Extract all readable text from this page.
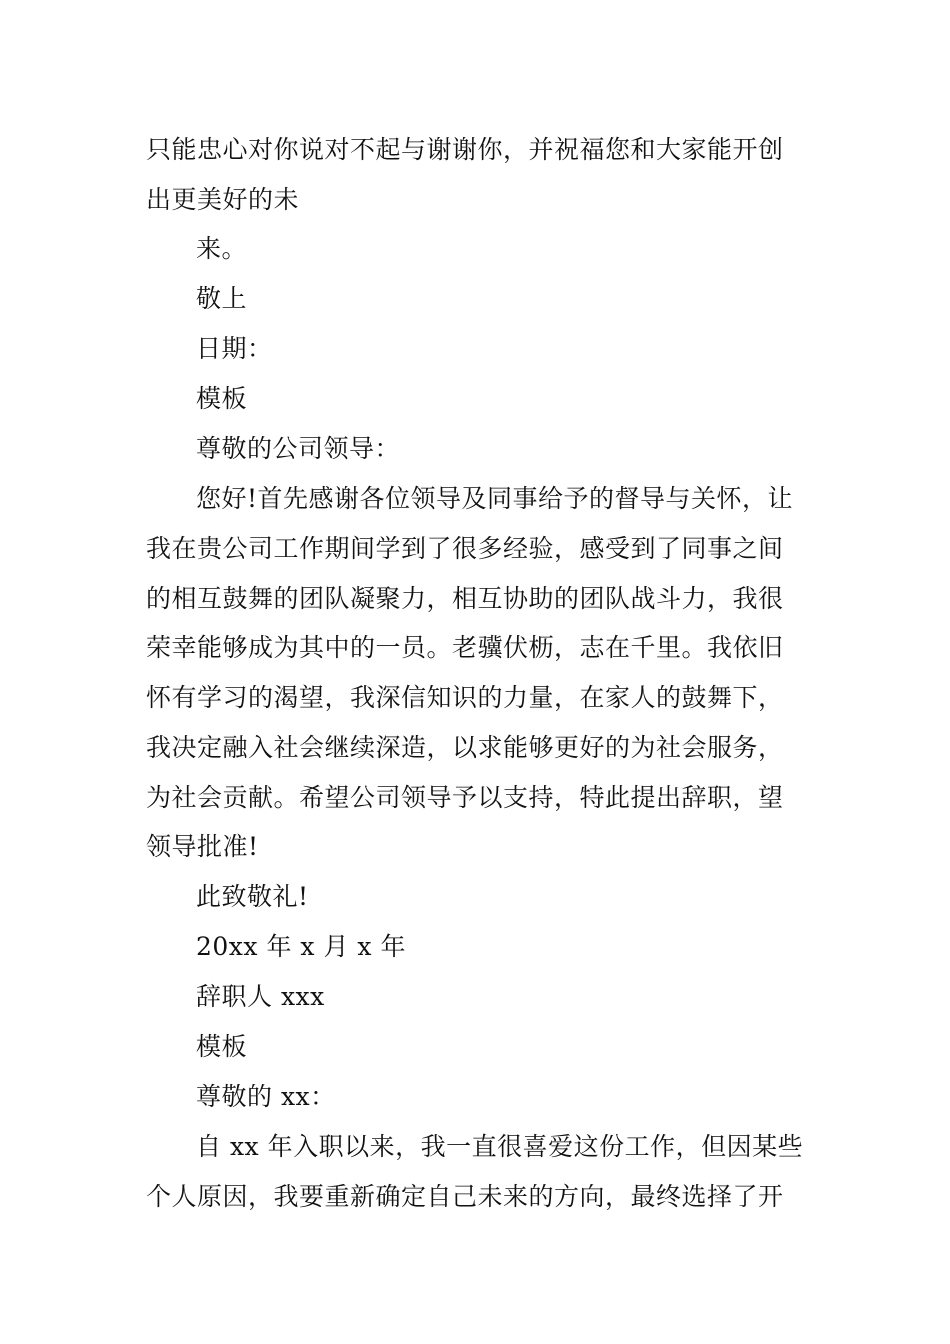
只能忠心对你说对不起与谢谢你，并祝福您和大家能开创
出更美好的未
来。
敬上
日期：
模板
尊敬的公司领导：
您好!首先感谢各位领导及同事给予的督导与关怀，让
我在贵公司工作期间学到了很多经验，感受到了同事之间
的相互鼓舞的团队凝聚力，相互协助的团队战斗力，我很
荣幸能够成为其中的一员。老骥伏枥，志在千里。我依旧
怀有学习的渴望，我深信知识的力量，在家人的鼓舞下，
我决定融入社会继续深造，以求能够更好的为社会服务，
为社会贡献。希望公司领导予以支持，特此提出辞职，望
领导批准!
此致敬礼!
20xx 年 x 月 x 年
辞职人 xxx
模板
尊敬的 xx：
自 xx 年入职以来，我一直很喜爱这份工作，但因某些
个人原因，我要重新确定自己未来的方向，最终选择了开
